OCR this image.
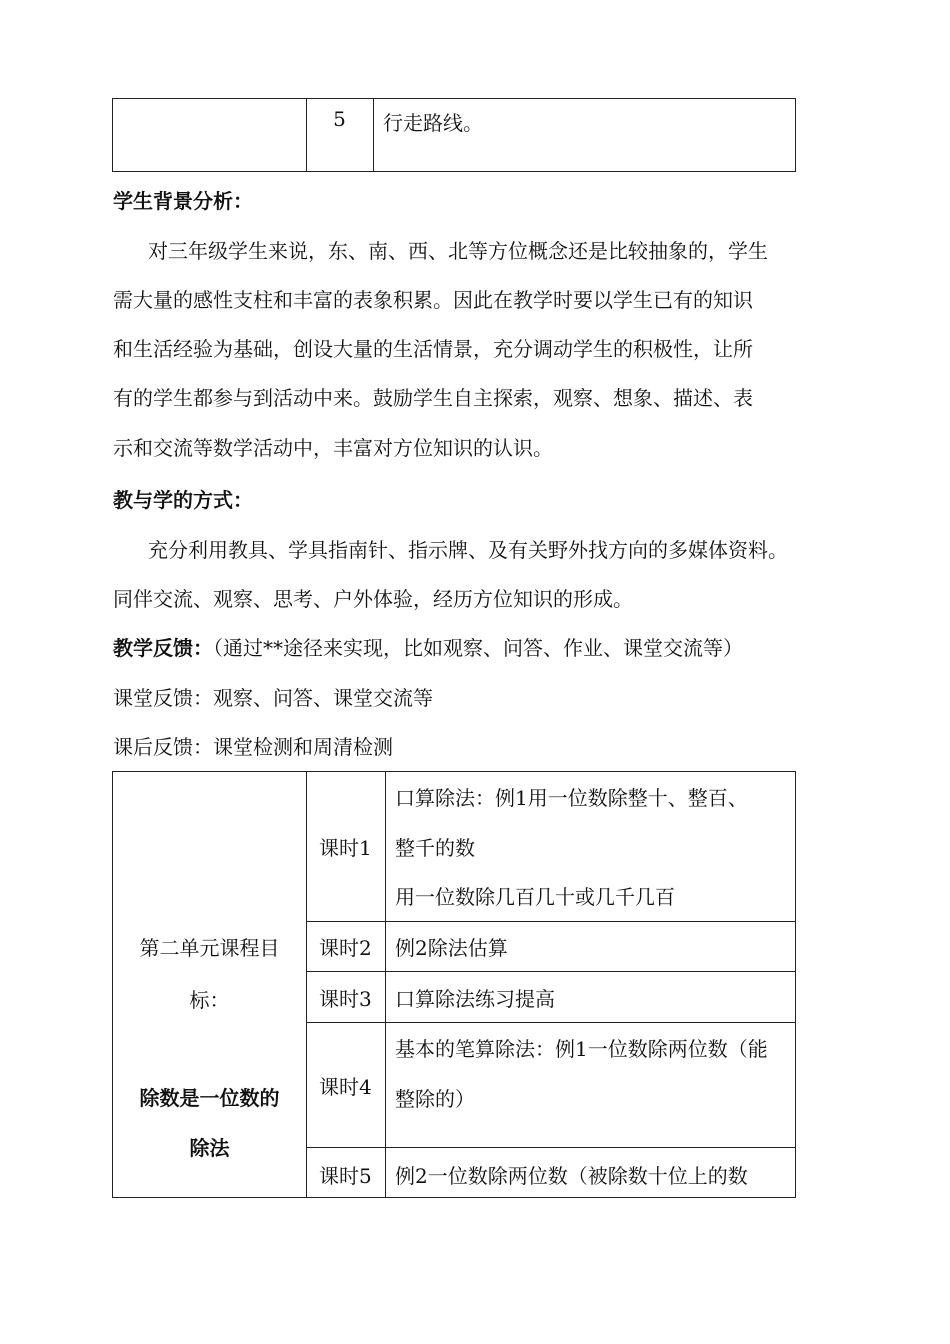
5	行走路线。
学生背景分析：
对三年级学生来说，东、南、西、北等方位概念还是比较抽象的，学生
需大量的感性支柱和丰富的表象积累。因此在教学时要以学生已有的知识
和生活经验为基础，创设大量的生活情景，充分调动学生的积极性，让所
有的学生都参与到活动中来。鼓励学生自主探索，观察、想象、描述、表
示和交流等数学活动中，丰富对方位知识的认识。
教与学的方式：
充分利用教具、学具指南针、指示牌、及有关野外找方向的多媒体资料。
同伴交流、观察、思考、户外体验，经历方位知识的形成。
教学反馈：（通过**途径来实现，比如观察、问答、作业、课堂交流等）
课堂反馈：观察、问答、课堂交流等
课后反馈：课堂检测和周清检测
第二单元课程目
标：
除数是一位数的
除法
课时1
口算除法：例1用一位数除整十、整百、
整千的数
用一位数除几百几十或几千几百
课时2 例2除法估算
课时3 口算除法练习提高
课时4
基本的笔算除法：例1一位数除两位数（能
整除的）
课时5 例2一位数除两位数（被除数十位上的数
